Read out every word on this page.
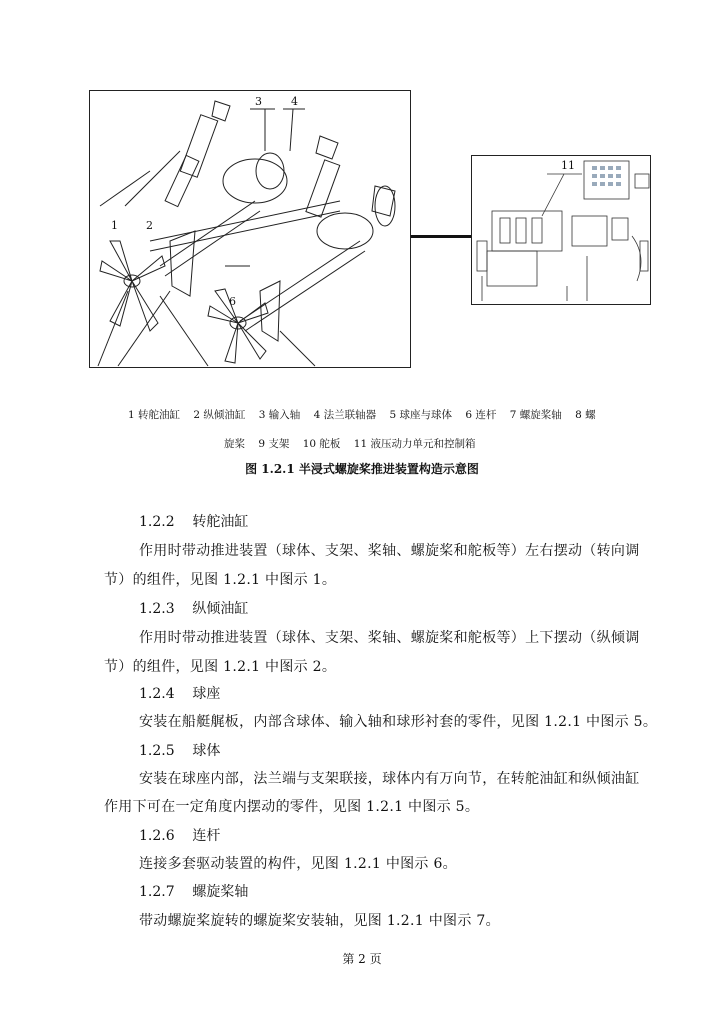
3	4
1	2
6
11
1 转舵油缸    2 纵倾油缸    3 输入轴    4 法兰联轴器    5 球座与球体    6 连杆    7 螺旋桨轴    8 螺
旋桨    9 支架    10 舵板    11 液压动力单元和控制箱
图 1.2.1 半浸式螺旋桨推进装置构造示意图
1.2.2    转舵油缸
作用时带动推进装置（球体、支架、桨轴、螺旋桨和舵板等）左右摆动（转向调
节）的组件，见图 1.2.1 中图示 1。
1.2.3    纵倾油缸
作用时带动推进装置（球体、支架、桨轴、螺旋桨和舵板等）上下摆动（纵倾调
节）的组件，见图 1.2.1 中图示 2。
1.2.4    球座
安装在船艇艉板，内部含球体、输入轴和球形衬套的零件，见图 1.2.1 中图示 5。
1.2.5    球体
安装在球座内部，法兰端与支架联接，球体内有万向节，在转舵油缸和纵倾油缸
作用下可在一定角度内摆动的零件，见图 1.2.1 中图示 5。
1.2.6    连杆
连接多套驱动装置的构件，见图 1.2.1 中图示 6。
1.2.7    螺旋桨轴
带动螺旋桨旋转的螺旋桨安装轴，见图 1.2.1 中图示 7。
第 2 页
